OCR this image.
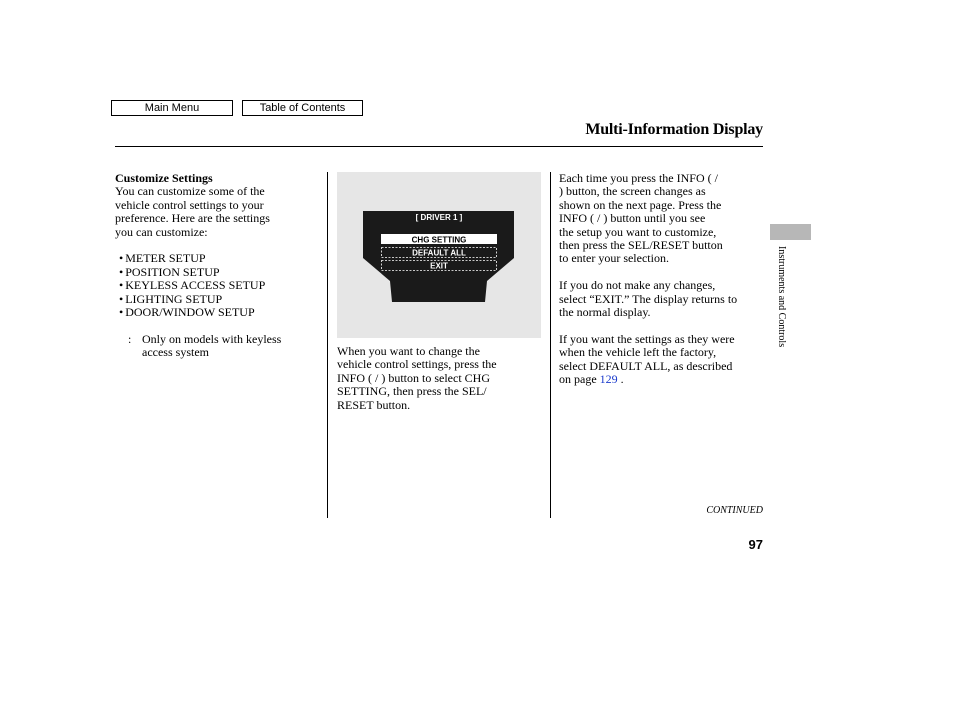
Main Menu	Table of Contents
Multi-Information Display

Customize Settings

You can customize some of the

vehicle control settings to your

preference. Here are the settings

you can customize:

• METER SETUP
• POSITION SETUP
• KEYLESS ACCESS SETUP
• LIGHTING SETUP
• DOOR/WINDOW SETUP
: Only on models with keyless

access system

[ DRIVER 1 ]
CHG SETTING
DEFAULT ALL
EXIT

When you want to change the

vehicle control settings, press the

INFO ( / ) button to select CHG

SETTING, then press the SEL/

RESET button.

Each time you press the INFO ( /

) button, the screen changes as

shown on the next page. Press the

INFO ( / ) button until you see

the setup you want to customize,

then press the SEL/RESET button

to enter your selection.

If you do not make any changes,

select “EXIT.” The display returns to

the normal display.

If you want the settings as they were

when the vehicle left the factory,

select DEFAULT ALL, as described

on page 129 .

Instruments and Controls
CONTINUED
97
